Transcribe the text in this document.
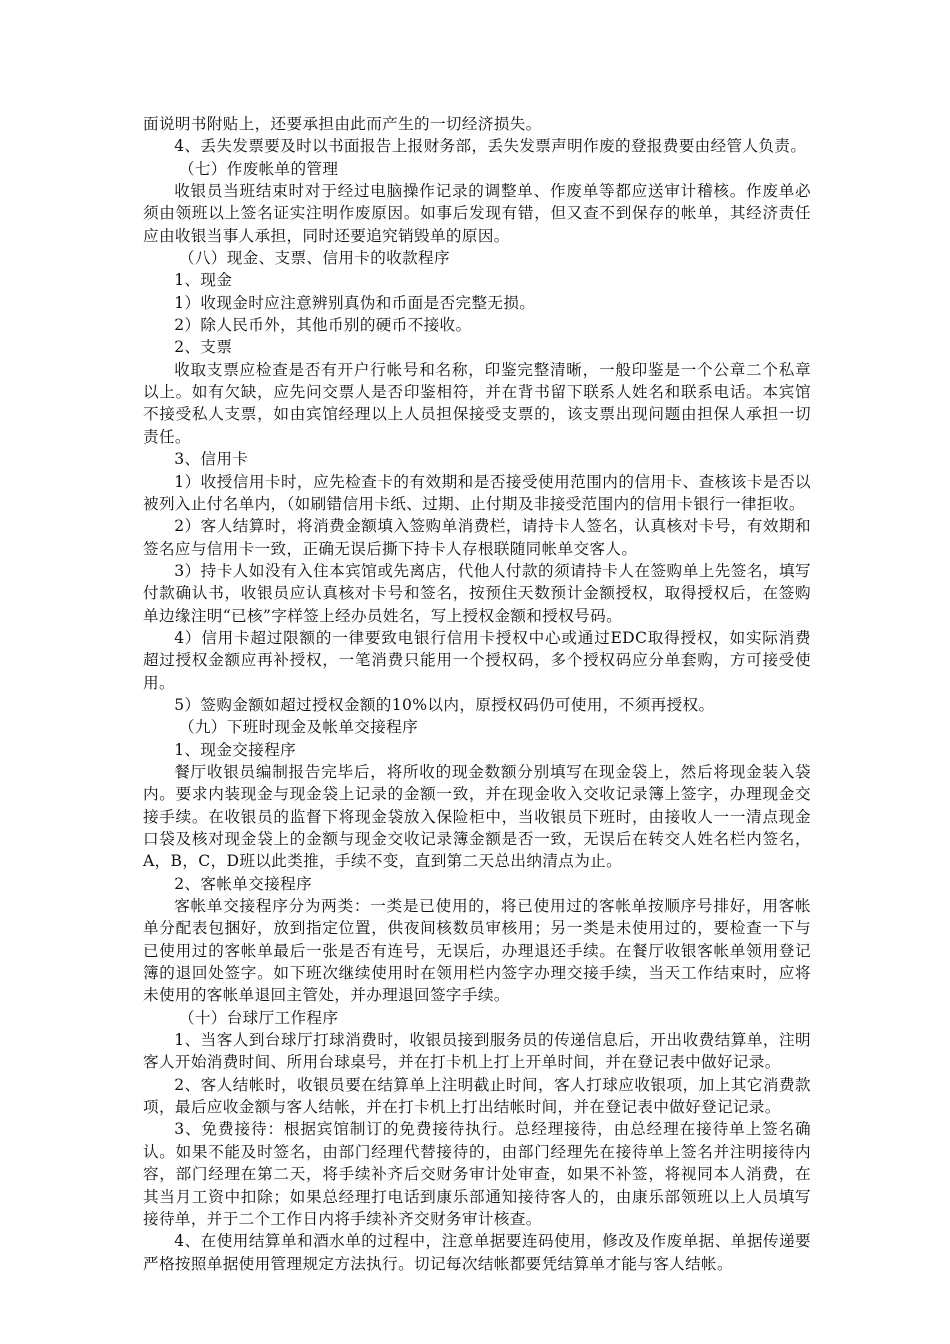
面说明书附贴上，还要承担由此而产生的一切经济损失。

4、丢失发票要及时以书面报告上报财务部，丢失发票声明作废的登报费要由经管人负责。

（七）作废帐单的管理

收银员当班结束时对于经过电脑操作记录的调整单、作废单等都应送审计稽核。作废单必须由领班以上签名证实注明作废原因。如事后发现有错，但又查不到保存的帐单，其经济责任应由收银当事人承担，同时还要追究销毁单的原因。

（八）现金、支票、信用卡的收款程序

1、现金

1）收现金时应注意辨别真伪和币面是否完整无损。

2）除人民币外，其他币别的硬币不接收。

2、支票

收取支票应检查是否有开户行帐号和名称，印鉴完整清晰，一般印鉴是一个公章二个私章以上。如有欠缺，应先问交票人是否印鉴相符，并在背书留下联系人姓名和联系电话。本宾馆不接受私人支票，如由宾馆经理以上人员担保接受支票的，该支票出现问题由担保人承担一切责任。

3、信用卡

1）收授信用卡时，应先检查卡的有效期和是否接受使用范围内的信用卡、查核该卡是否以被列入止付名单内，（如刷错信用卡纸、过期、止付期及非接受范围内的信用卡银行一律拒收。

2）客人结算时，将消费金额填入签购单消费栏，请持卡人签名，认真核对卡号，有效期和签名应与信用卡一致，正确无误后撕下持卡人存根联随同帐单交客人。

3）持卡人如没有入住本宾馆或先离店，代他人付款的须请持卡人在签购单上先签名，填写付款确认书，收银员应认真核对卡号和签名，按预住天数预计金额授权，取得授权后，在签购单边缘注明“已核”字样签上经办员姓名，写上授权金额和授权号码。

4）信用卡超过限额的一律要致电银行信用卡授权中心或通过EDC取得授权，如实际消费超过授权金额应再补授权，一笔消费只能用一个授权码，多个授权码应分单套购，方可接受使用。

5）签购金额如超过授权金额的10%以内，原授权码仍可使用，不须再授权。

（九）下班时现金及帐单交接程序

1、现金交接程序

餐厅收银员编制报告完毕后，将所收的现金数额分别填写在现金袋上，然后将现金装入袋内。要求内装现金与现金袋上记录的金额一致，并在现金收入交收记录簿上签字，办理现金交接手续。在收银员的监督下将现金袋放入保险柜中，当收银员下班时，由接收人一一清点现金口袋及核对现金袋上的金额与现金交收记录簿金额是否一致，无误后在转交人姓名栏内签名，A，B，C，D班以此类推，手续不变，直到第二天总出纳清点为止。

2、客帐单交接程序

客帐单交接程序分为两类：一类是已使用的，将已使用过的客帐单按顺序号排好，用客帐单分配表包捆好，放到指定位置，供夜间核数员审核用；另一类是未使用过的，要检查一下与已使用过的客帐单最后一张是否有连号，无误后，办理退还手续。在餐厅收银客帐单领用登记簿的退回处签字。如下班次继续使用时在领用栏内签字办理交接手续，当天工作结束时，应将未使用的客帐单退回主管处，并办理退回签字手续。

（十）台球厅工作程序

1、当客人到台球厅打球消费时，收银员接到服务员的传递信息后，开出收费结算单，注明客人开始消费时间、所用台球桌号，并在打卡机上打上开单时间，并在登记表中做好记录。

2、客人结帐时，收银员要在结算单上注明截止时间，客人打球应收银项，加上其它消费款项，最后应收金额与客人结帐，并在打卡机上打出结帐时间，并在登记表中做好登记记录。

3、免费接待：根据宾馆制订的免费接待执行。总经理接待，由总经理在接待单上签名确认。如果不能及时签名，由部门经理代替接待的，由部门经理先在接待单上签名并注明接待内容，部门经理在第二天，将手续补齐后交财务审计处审查，如果不补签，将视同本人消费，在其当月工资中扣除；如果总经理打电话到康乐部通知接待客人的，由康乐部领班以上人员填写接待单，并于二个工作日内将手续补齐交财务审计核查。

4、在使用结算单和酒水单的过程中，注意单据要连码使用，修改及作废单据、单据传递要严格按照单据使用管理规定方法执行。切记每次结帐都要凭结算单才能与客人结帐。
